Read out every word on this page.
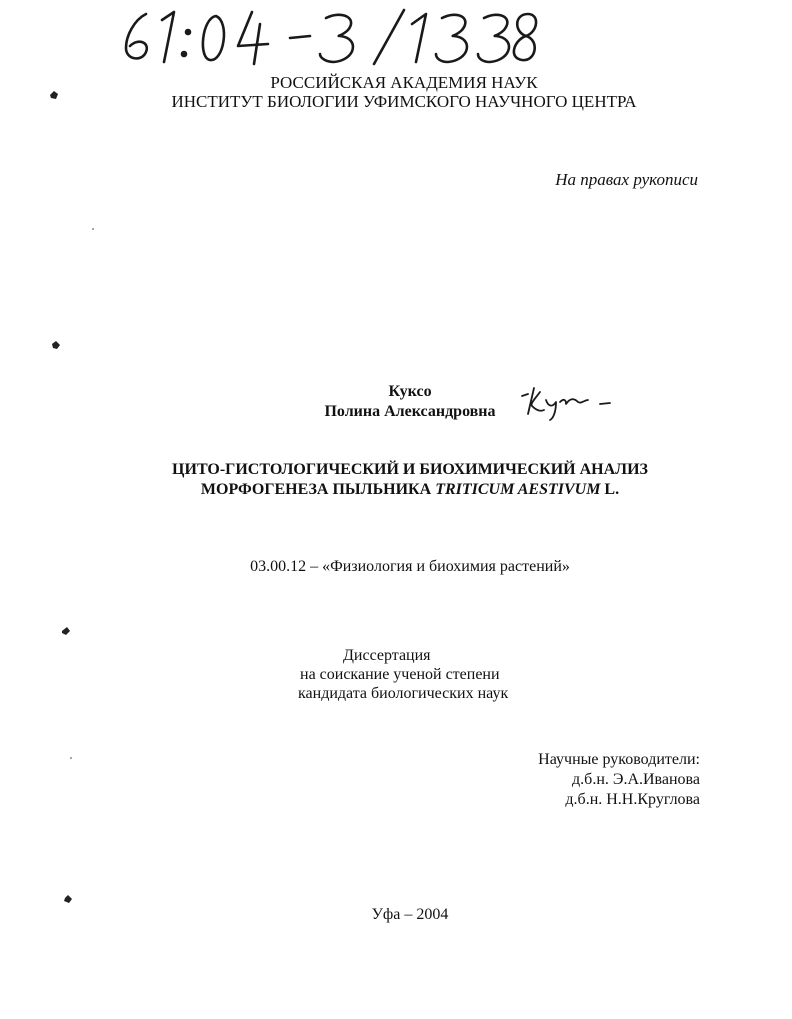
РОССИЙСКАЯ АКАДЕМИЯ НАУК
ИНСТИТУТ БИОЛОГИИ УФИМСКОГО НАУЧНОГО ЦЕНТРА
На правах рукописи
Куксо
Полина Александровна
ЦИТО-ГИСТОЛОГИЧЕСКИЙ И БИОХИМИЧЕСКИЙ АНАЛИЗ
МОРФОГЕНЕЗА ПЫЛЬНИКА TRITICUM AESTIVUM L.
03.00.12 – «Физиология и биохимия растений»
Диссертация
на соискание ученой степени
кандидата биологических наук
Научные руководители:
д.б.н. Э.А.Иванова
д.б.н. Н.Н.Круглова
Уфа – 2004
